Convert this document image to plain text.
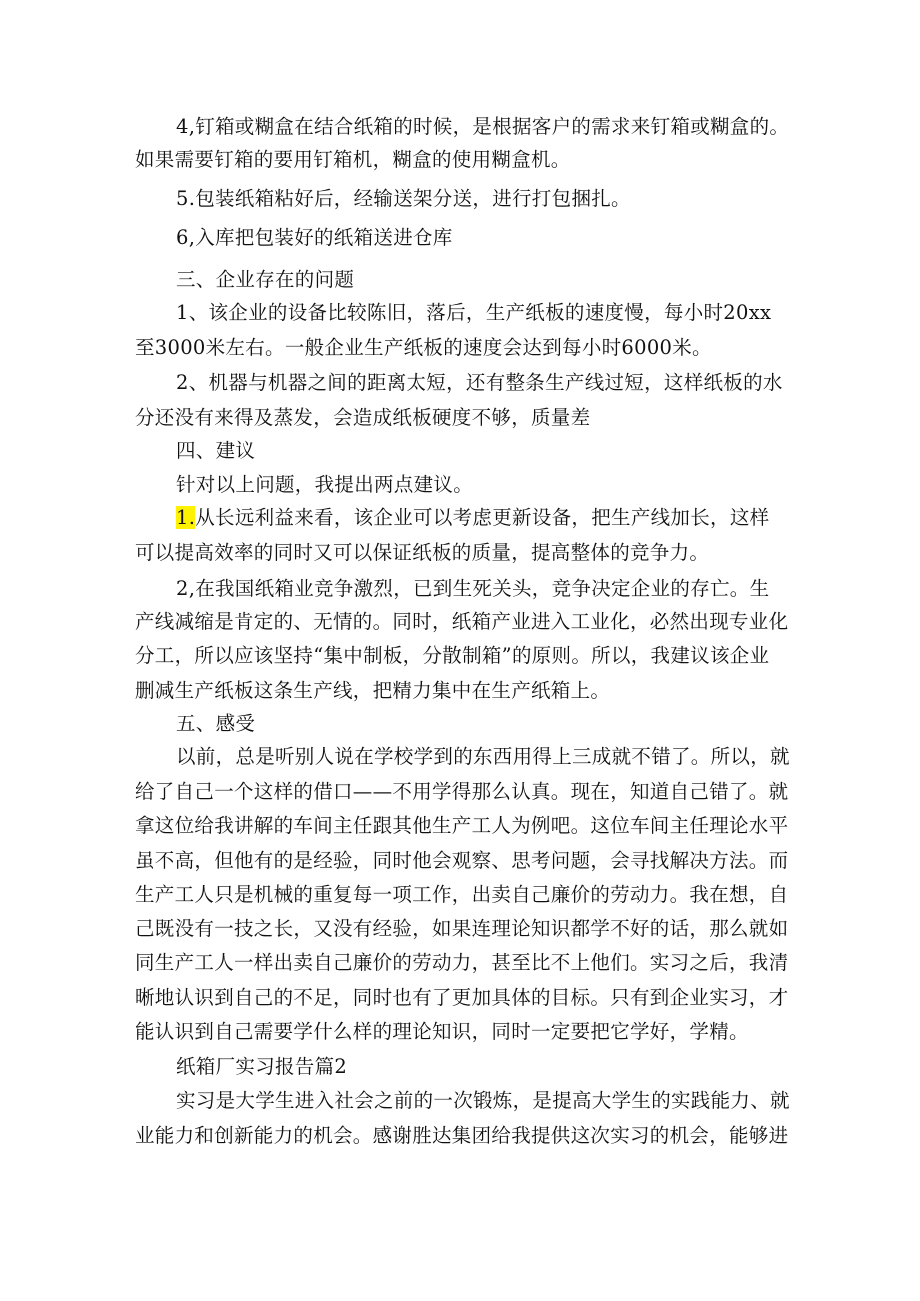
4,钉箱或糊盒在结合纸箱的时候，是根据客户的需求来钉箱或糊盒的。
如果需要钉箱的要用钉箱机，糊盒的使用糊盒机。
5.包装纸箱粘好后，经输送架分送，进行打包捆扎。
6,入库把包装好的纸箱送进仓库
三、企业存在的问题
1、该企业的设备比较陈旧，落后，生产纸板的速度慢，每小时20xx
至3000米左右。一般企业生产纸板的速度会达到每小时6000米。
2、机器与机器之间的距离太短，还有整条生产线过短，这样纸板的水
分还没有来得及蒸发，会造成纸板硬度不够，质量差
四、建议
针对以上问题，我提出两点建议。
1.从长远利益来看，该企业可以考虑更新设备，把生产线加长，这样
可以提高效率的同时又可以保证纸板的质量，提高整体的竞争力。
2,在我国纸箱业竞争激烈，已到生死关头，竞争决定企业的存亡。生
产线减缩是肯定的、无情的。同时，纸箱产业进入工业化，必然出现专业化
分工，所以应该坚持“集中制板，分散制箱”的原则。所以，我建议该企业
删减生产纸板这条生产线，把精力集中在生产纸箱上。
五、感受
以前，总是听别人说在学校学到的东西用得上三成就不错了。所以，就
给了自己一个这样的借口——不用学得那么认真。现在，知道自己错了。就
拿这位给我讲解的车间主任跟其他生产工人为例吧。这位车间主任理论水平
虽不高，但他有的是经验，同时他会观察、思考问题，会寻找解决方法。而
生产工人只是机械的重复每一项工作，出卖自己廉价的劳动力。我在想，自
己既没有一技之长，又没有经验，如果连理论知识都学不好的话，那么就如
同生产工人一样出卖自己廉价的劳动力，甚至比不上他们。实习之后，我清
晰地认识到自己的不足，同时也有了更加具体的目标。只有到企业实习，才
能认识到自己需要学什么样的理论知识，同时一定要把它学好，学精。
纸箱厂实习报告篇2
实习是大学生进入社会之前的一次锻炼，是提高大学生的实践能力、就
业能力和创新能力的机会。感谢胜达集团给我提供这次实习的机会，能够进
